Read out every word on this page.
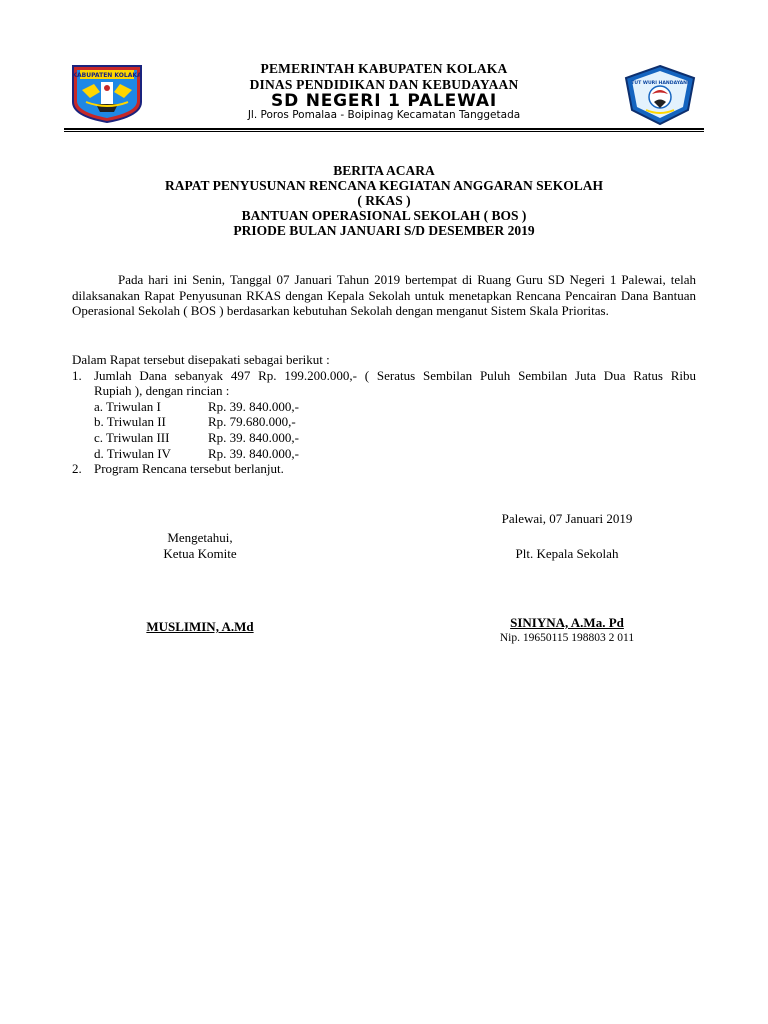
KABUPATEN KOLAKA
TUT WURI HANDAYANI
PEMERINTAH KABUPATEN KOLAKA
DINAS PENDIDIKAN DAN KEBUDAYAAN
SD NEGERI 1 PALEWAI
Jl. Poros Pomalaa - Boipinag Kecamatan Tanggetada
BERITA ACARA
RAPAT PENYUSUNAN RENCANA KEGIATAN ANGGARAN SEKOLAH
( RKAS )
BANTUAN OPERASIONAL SEKOLAH ( BOS )
PRIODE BULAN JANUARI S/D DESEMBER 2019
Pada hari ini Senin, Tanggal 07 Januari Tahun 2019 bertempat di Ruang Guru SD Negeri 1 Palewai, telah dilaksanakan Rapat Penyusunan RKAS dengan Kepala Sekolah untuk menetapkan Rencana Pencairan Dana Bantuan Operasional Sekolah ( BOS ) berdasarkan kebutuhan Sekolah dengan menganut Sistem Skala Prioritas.
Dalam Rapat tersebut disepakati sebagai berikut :
1. Jumlah Dana sebanyak 497 Rp. 199.200.000,- ( Seratus Sembilan Puluh Sembilan Juta Dua Ratus Ribu
Rupiah ), dengan rincian :
a. Triwulan I	Rp. 39. 840.000,-
b. Triwulan II	Rp. 79.680.000,-
c. Triwulan III	Rp. 39. 840.000,-
d. Triwulan IV	Rp. 39. 840.000,-
2. Program Rencana tersebut berlanjut.
Palewai, 07 Januari 2019
Mengetahui,
Ketua Komite
MUSLIMIN, A.Md
Plt. Kepala Sekolah
SINIYNA, A.Ma. Pd
Nip. 19650115 198803 2 011
